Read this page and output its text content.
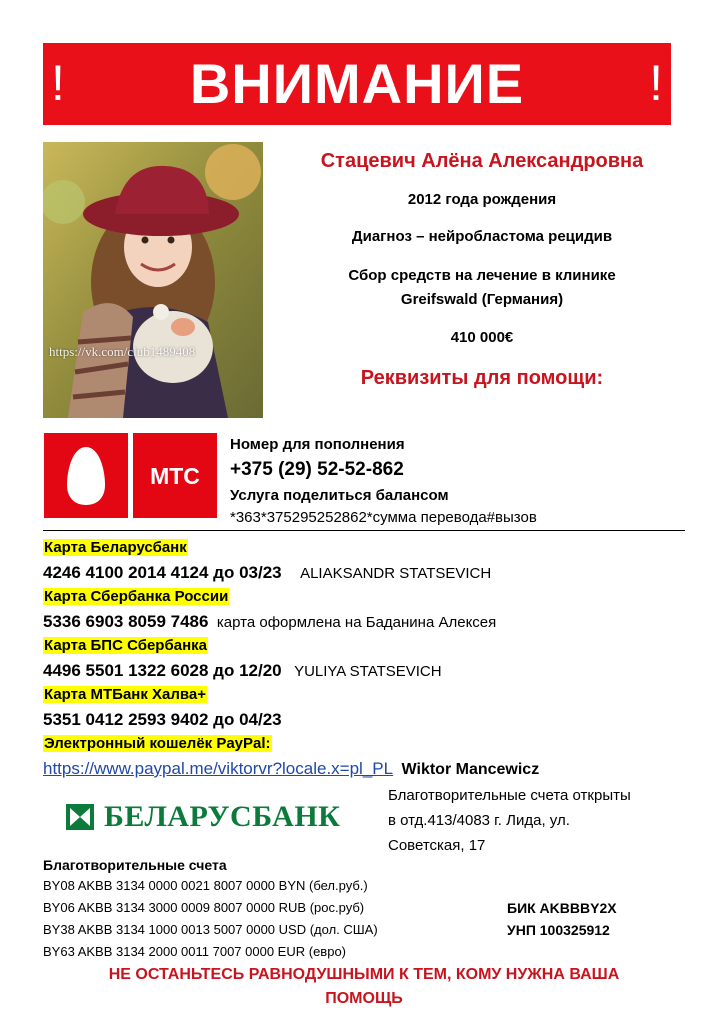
!	ВНИМАНИЕ	!
https://vk.com/club1489408
Стацевич Алёна Александровна
2012 года рождения
Диагноз – нейробластома рецидив
Сбор средств на лечение в клинике
Greifswald (Германия)
410 000€
Реквизиты для помощи:
МТС
Номер для пополнения
+375 (29) 52-52-862
Услуга поделиться балансом
*363*375295252862*сумма перевода#вызов
Карта Беларусбанк
4246 4100 2014 4124 до 03/23 ALIAKSANDR STATSEVICH
Карта Сбербанка России
5336 6903 8059 7486 карта оформлена на Баданина Алексея
Карта БПС Сбербанка
4496 5501 1322 6028 до 12/20 YULIYA STATSEVICH
Карта МТБанк Халва+
5351 0412 2593 9402 до 04/23
Электронный кошелёк PayPal:
https://www.paypal.me/viktorvr?locale.x=pl_PL Wiktor Mancewicz
БЕЛАРУСБАНК
Благотворительные счета открыты
в отд.413/4083 г. Лида, ул.
Советская, 17
Благотворительные счета
BY08 AKBB 3134 0000 0021 8007 0000 BYN (бел.руб.)
BY06 AKBB 3134 3000 0009 8007 0000 RUB (рос.руб)
BY38 AKBB 3134 1000 0013 5007 0000 USD (дол. США)
BY63 AKBB 3134 2000 0011 7007 0000 EUR (евро)
БИК AKBBBY2X
УНП 100325912
НЕ ОСТАНЬТЕСЬ РАВНОДУШНЫМИ К ТЕМ, КОМУ НУЖНА ВАША
ПОМОЩЬ
